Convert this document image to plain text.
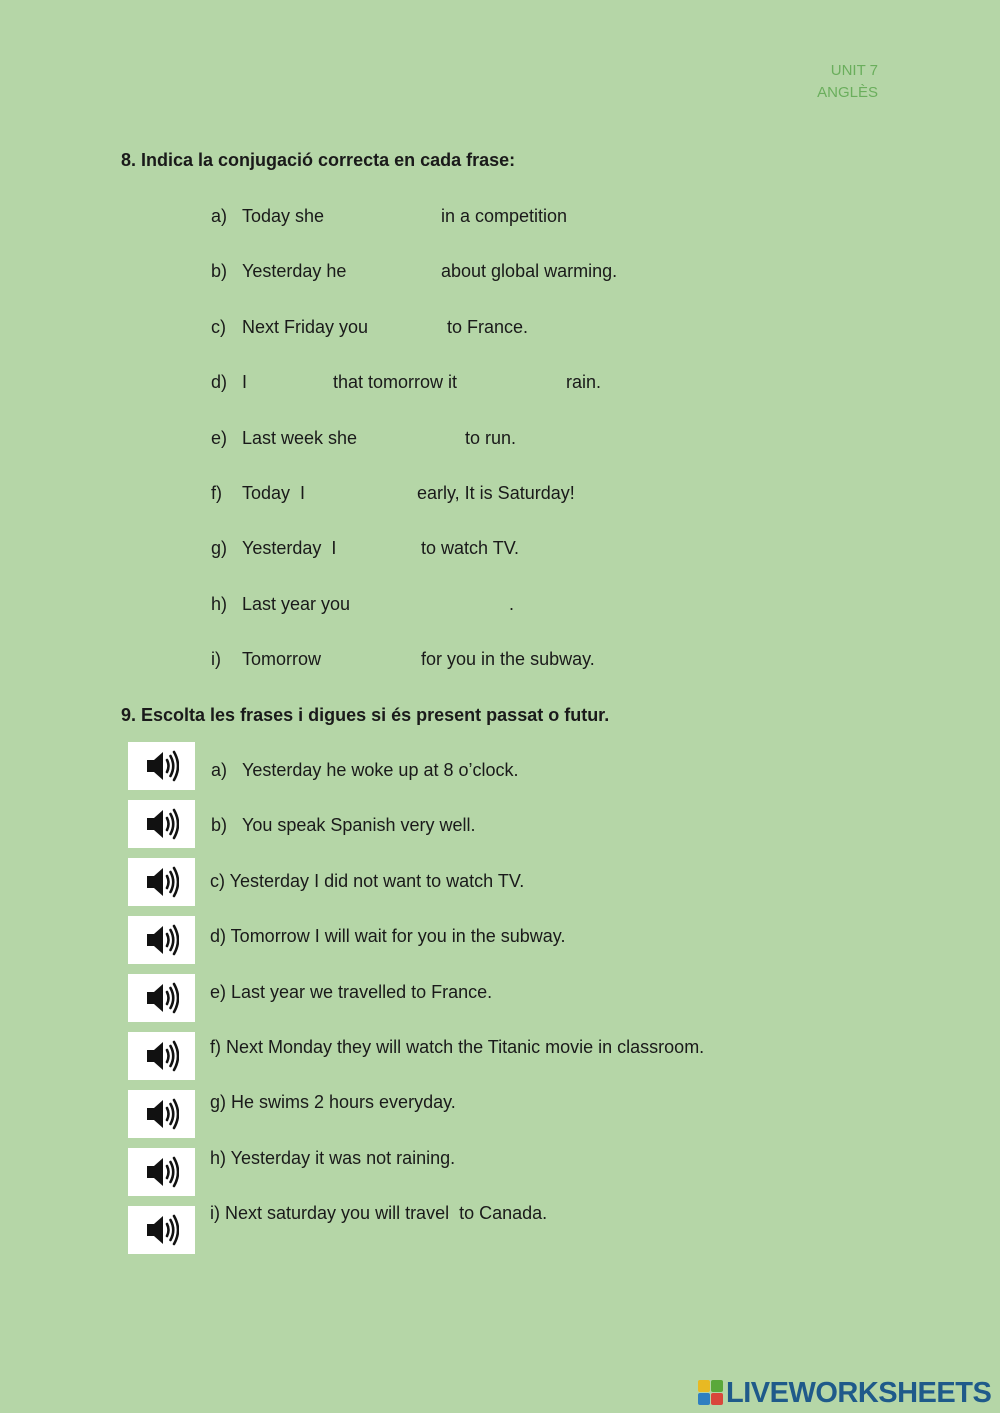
UNIT 7
ANGLÈS
8. Indica la conjugació correcta en cada frase:
a) Today she	in a competition
b) Yesterday he	about global warming.
c) Next Friday you	to France.
d) I	that tomorrow it	rain.
e) Last week she	to run.
f) Today  I	early, It is Saturday!
g) Yesterday  I	to watch TV.
h) Last year you	.
i) Tomorrow	for you in the subway.
9. Escolta les frases i digues si és present passat o futur.
a) Yesterday he woke up at 8 o’clock.
b) You speak Spanish very well.
c) Yesterday I did not want to watch TV.
d) Tomorrow I will wait for you in the subway.
e) Last year we travelled to France.
f) Next Monday they will watch the Titanic movie in classroom.
g) He swims 2 hours everyday.
h) Yesterday it was not raining.
i) Next saturday you will travel  to Canada.
LIVEWORKSHEETS
